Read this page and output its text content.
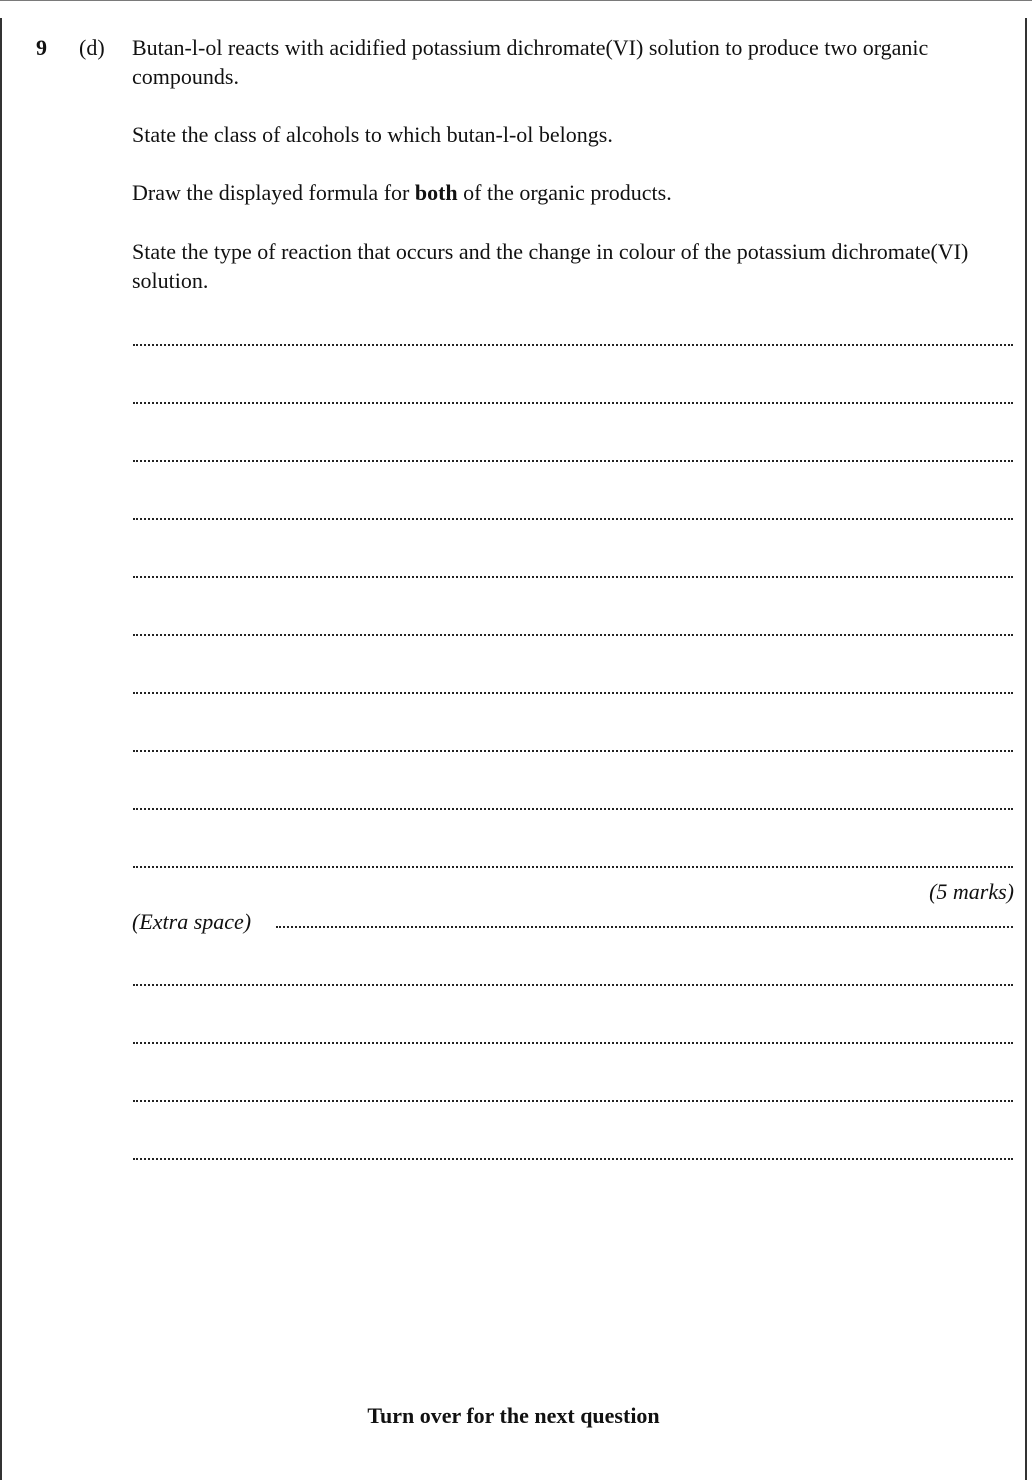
9 (d) Butan-l-ol reacts with acidified potassium dichromate(VI) solution to produce two organic compounds.

State the class of alcohols to which butan-l-ol belongs.

Draw the displayed formula for both of the organic products.

State the type of reaction that occurs and the change in colour of the potassium dichromate(VI) solution.

(5 marks)
(Extra space)
Turn over for the next question
